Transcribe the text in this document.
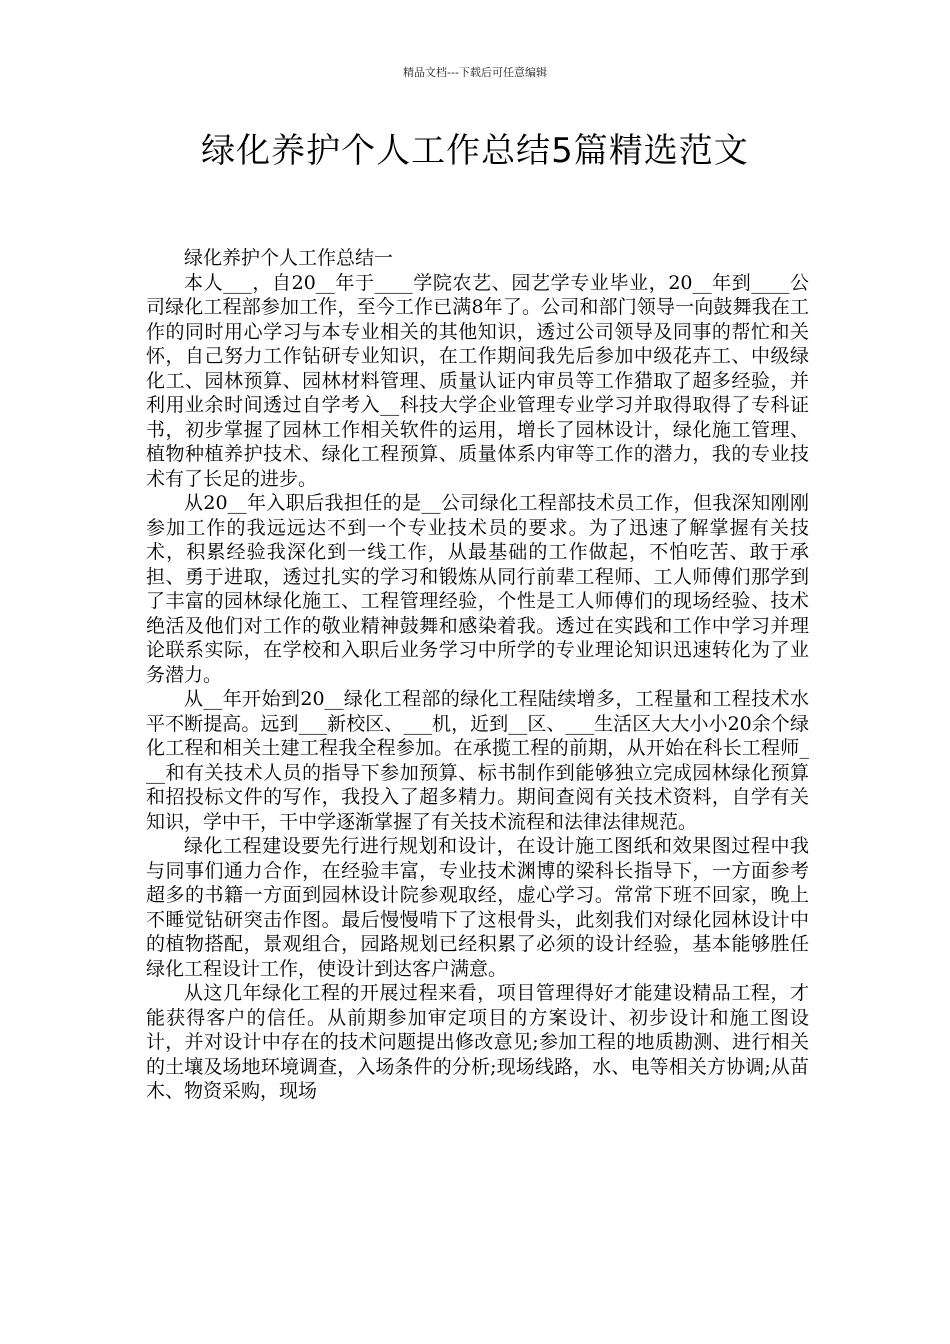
精品文档---下载后可任意编辑
绿化养护个人工作总结5篇精选范文

绿化养护个人工作总结一

本人___，自20__年于____学院农艺、园艺学专业毕业，20__年到____公司绿化工程部参加工作，至今工作已满8年了。公司和部门领导一向鼓舞我在工作的同时用心学习与本专业相关的其他知识，透过公司领导及同事的帮忙和关怀，自己努力工作钻研专业知识，在工作期间我先后参加中级花卉工、中级绿化工、园林预算、园林材料管理、质量认证内审员等工作猎取了超多经验，并利用业余时间透过自学考入__科技大学企业管理专业学习并取得取得了专科证书，初步掌握了园林工作相关软件的运用，增长了园林设计，绿化施工管理、植物种植养护技术、绿化工程预算、质量体系内审等工作的潜力，我的专业技术有了长足的进步。

从20__年入职后我担任的是__公司绿化工程部技术员工作，但我深知刚刚参加工作的我远远达不到一个专业技术员的要求。为了迅速了解掌握有关技术，积累经验我深化到一线工作，从最基础的工作做起，不怕吃苦、敢于承担、勇于进取，透过扎实的学习和锻炼从同行前辈工程师、工人师傅们那学到了丰富的园林绿化施工、工程管理经验，个性是工人师傅们的现场经验、技术绝活及他们对工作的敬业精神鼓舞和感染着我。透过在实践和工作中学习并理论联系实际，在学校和入职后业务学习中所学的专业理论知识迅速转化为了业务潜力。

从__年开始到20__绿化工程部的绿化工程陆续增多，工程量和工程技术水平不断提高。远到___新校区、___机，近到__区、___生活区大大小小20余个绿化工程和相关土建工程我全程参加。在承揽工程的前期，从开始在科长工程师___和有关技术人员的指导下参加预算、标书制作到能够独立完成园林绿化预算和招投标文件的写作，我投入了超多精力。期间查阅有关技术资料，自学有关知识，学中干，干中学逐渐掌握了有关技术流程和法律法律规范。

绿化工程建设要先行进行规划和设计，在设计施工图纸和效果图过程中我与同事们通力合作，在经验丰富，专业技术渊博的梁科长指导下，一方面参考超多的书籍一方面到园林设计院参观取经，虚心学习。常常下班不回家，晚上不睡觉钻研突击作图。最后慢慢啃下了这根骨头，此刻我们对绿化园林设计中的植物搭配，景观组合，园路规划已经积累了必须的设计经验，基本能够胜任绿化工程设计工作，使设计到达客户满意。

从这几年绿化工程的开展过程来看，项目管理得好才能建设精品工程，才能获得客户的信任。从前期参加审定项目的方案设计、初步设计和施工图设计，并对设计中存在的技术问题提出修改意见;参加工程的地质勘测、进行相关的土壤及场地环境调查，入场条件的分析;现场线路，水、电等相关方协调;从苗木、物资采购，现场
